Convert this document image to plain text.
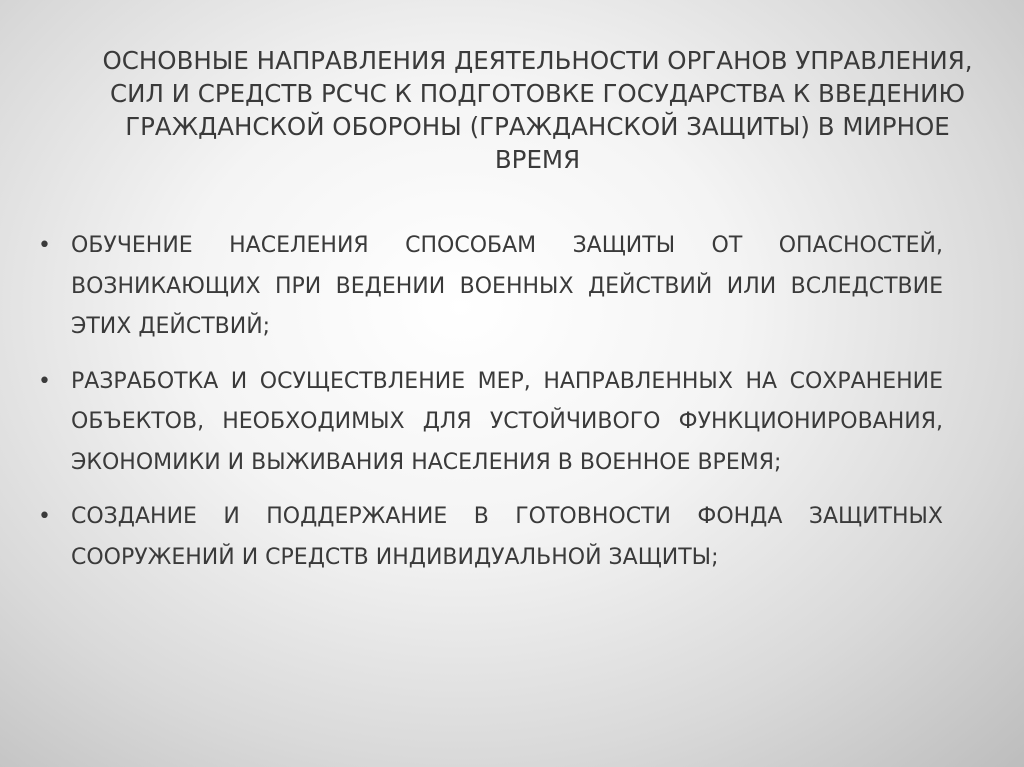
ОСНОВНЫЕ НАПРАВЛЕНИЯ ДЕЯТЕЛЬНОСТИ ОРГАНОВ УПРАВЛЕНИЯ, СИЛ И СРЕДСТВ РСЧС К ПОДГОТОВКЕ ГОСУДАРСТВА К ВВЕДЕНИЮ ГРАЖДАНСКОЙ ОБОРОНЫ (ГРАЖДАНСКОЙ ЗАЩИТЫ) В МИРНОЕ ВРЕМЯ
• ОБУЧЕНИЕ НАСЕЛЕНИЯ СПОСОБАМ ЗАЩИТЫ ОТ ОПАСНОСТЕЙ, ВОЗНИКАЮЩИХ ПРИ ВЕДЕНИИ ВОЕННЫХ ДЕЙСТВИЙ ИЛИ ВСЛЕДСТВИЕ ЭТИХ ДЕЙСТВИЙ;
• РАЗРАБОТКА И ОСУЩЕСТВЛЕНИЕ МЕР, НАПРАВЛЕННЫХ НА СОХРАНЕНИЕ ОБЪЕКТОВ, НЕОБХОДИМЫХ ДЛЯ УСТОЙЧИВОГО ФУНКЦИОНИРОВАНИЯ, ЭКОНОМИКИ И ВЫЖИВАНИЯ НАСЕЛЕНИЯ В ВОЕННОЕ ВРЕМЯ;
• СОЗДАНИЕ И ПОДДЕРЖАНИЕ В ГОТОВНОСТИ ФОНДА ЗАЩИТНЫХ СООРУЖЕНИЙ И СРЕДСТВ ИНДИВИДУАЛЬНОЙ ЗАЩИТЫ;
